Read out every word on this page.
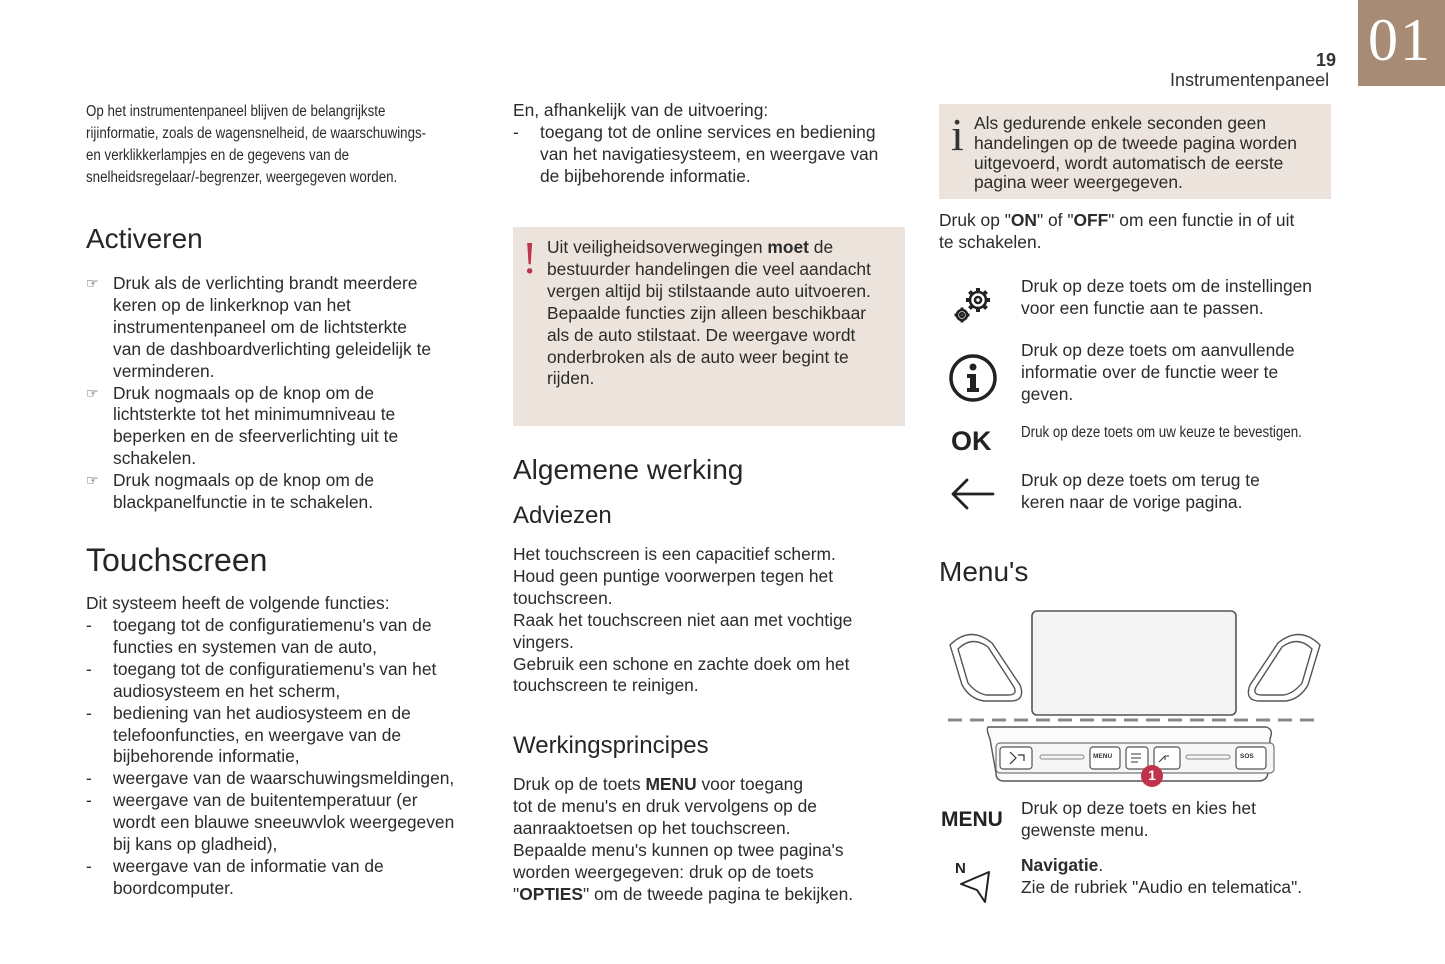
19
Instrumentenpaneel
01
Op het instrumentenpaneel blijven de belangrijkste
rijinformatie, zoals de wagensnelheid, de waarschuwings-
en verklikkerlampjes en de gegevens van de
snelheidsregelaar/-begrenzer, weergegeven worden.
Activeren
☞ Druk als de verlichting brandt meerdere
keren op de linkerknop van het
instrumentenpaneel om de lichtsterkte
van de dashboardverlichting geleidelijk te
verminderen.
☞ Druk nogmaals op de knop om de
lichtsterkte tot het minimumniveau te
beperken en de sfeerverlichting uit te
schakelen.
☞ Druk nogmaals op de knop om de
blackpanelfunctie in te schakelen.
Touchscreen
Dit systeem heeft de volgende functies:
-	toegang tot de configuratiemenu's van de
functies en systemen van de auto,
-	toegang tot de configuratiemenu's van het
audiosysteem en het scherm,
-	bediening van het audiosysteem en de
telefoonfuncties, en weergave van de
bijbehorende informatie,
-	weergave van de waarschuwingsmeldingen,
-	weergave van de buitentemperatuur (er
wordt een blauwe sneeuwvlok weergegeven
bij kans op gladheid),
-	weergave van de informatie van de
boordcomputer.
En, afhankelijk van de uitvoering:
-	toegang tot de online services en bediening
van het navigatiesysteem, en weergave van
de bijbehorende informatie.
! Uit veiligheidsoverwegingen moet de
bestuurder handelingen die veel aandacht
vergen altijd bij stilstaande auto uitvoeren.
Bepaalde functies zijn alleen beschikbaar
als de auto stilstaat. De weergave wordt
onderbroken als de auto weer begint te
rijden.
Algemene werking
Adviezen
Het touchscreen is een capacitief scherm.
Houd geen puntige voorwerpen tegen het
touchscreen.
Raak het touchscreen niet aan met vochtige
vingers.
Gebruik een schone en zachte doek om het
touchscreen te reinigen.
Werkingsprincipes
Druk op de toets MENU voor toegang
tot de menu's en druk vervolgens op de
aanraaktoetsen op het touchscreen.
Bepaalde menu's kunnen op twee pagina's
worden weergegeven: druk op de toets
"OPTIES" om de tweede pagina te bekijken.
i Als gedurende enkele seconden geen
handelingen op de tweede pagina worden
uitgevoerd, wordt automatisch de eerste
pagina weer weergegeven.
Druk op "ON" of "OFF" om een functie in of uit
te schakelen.
Druk op deze toets om de instellingen
voor een functie aan te passen.
Druk op deze toets om aanvullende
informatie over de functie weer te
geven.
OK Druk op deze toets om uw keuze te bevestigen.
Druk op deze toets om terug te
keren naar de vorige pagina.
Menu's
MENU	SOS
1
MENU Druk op deze toets en kies het
gewenste menu.
N	Navigatie.
Zie de rubriek "Audio en telematica".
